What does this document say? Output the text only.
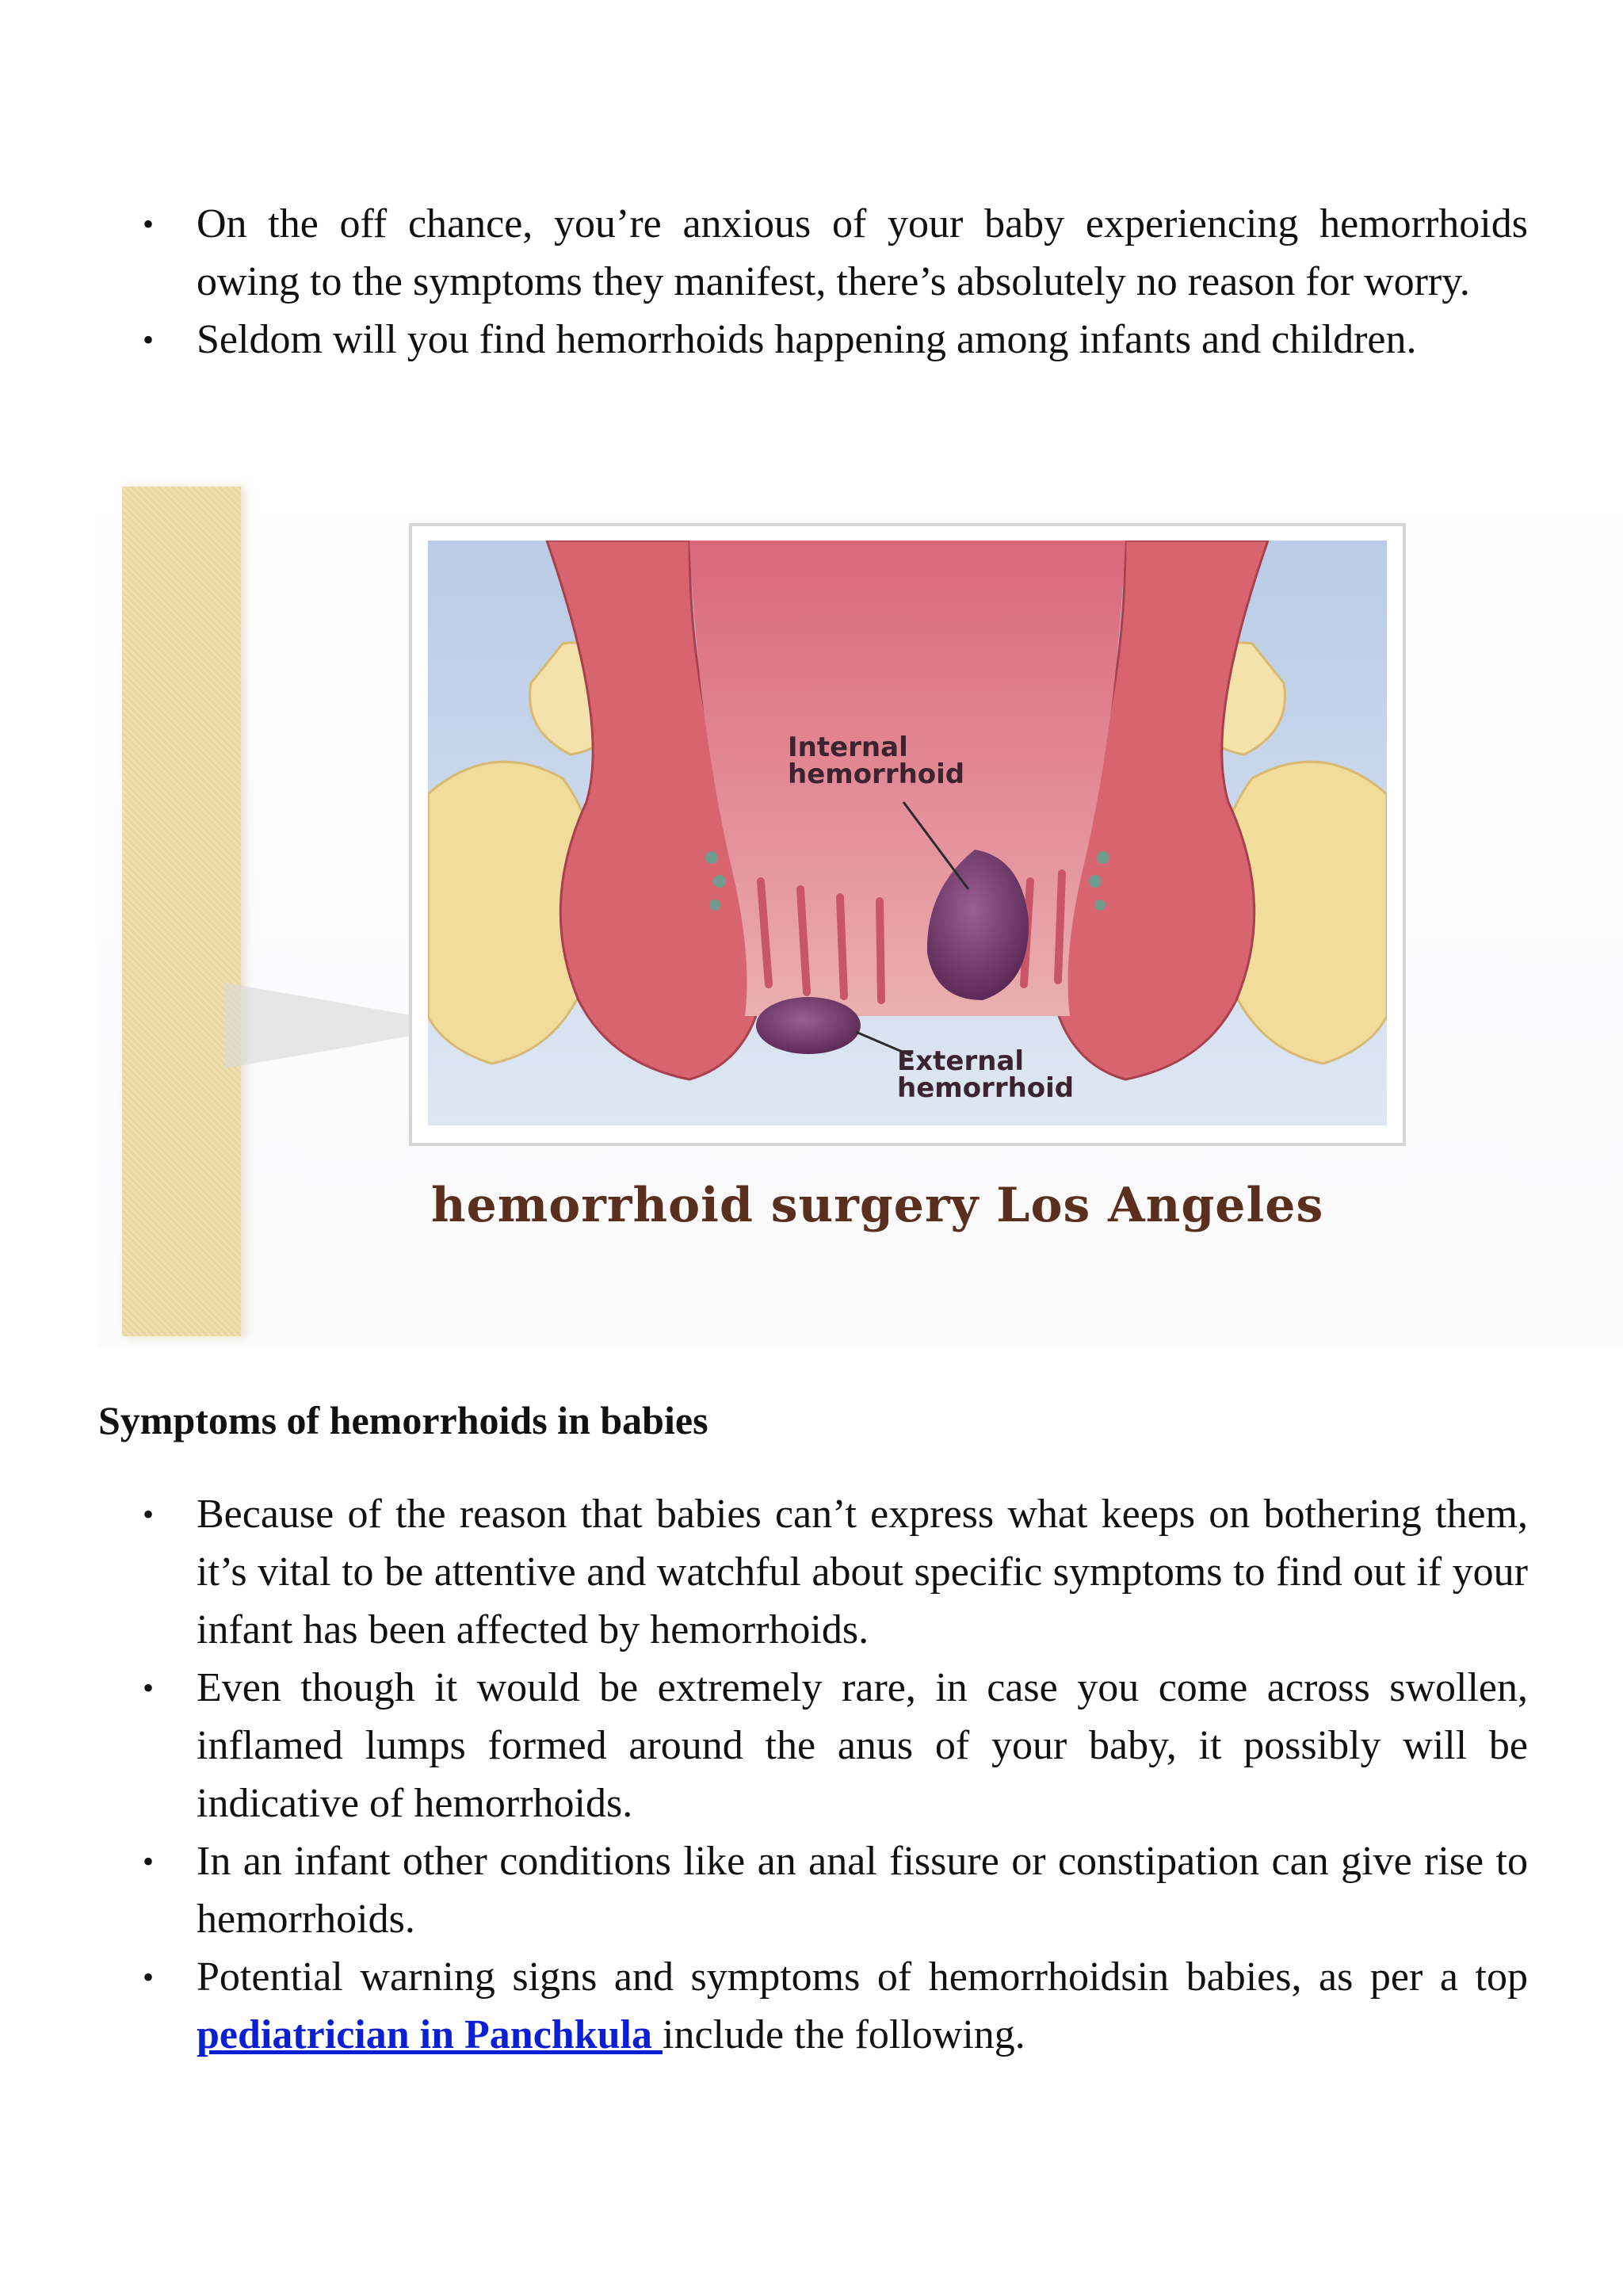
• On the off chance, you’re anxious of your baby experiencing hemorrhoids owing to the symptoms they manifest, there’s absolutely no reason for worry.
• Seldom will you find hemorrhoids happening among infants and children.
Internal
hemorrhoid
External
hemorrhoid
hemorrhoid surgery Los Angeles
Symptoms of hemorrhoids in babies
• Because of the reason that babies can’t express what keeps on bothering them, it’s vital to be attentive and watchful about specific symptoms to find out if your infant has been affected by hemorrhoids.
• Even though it would be extremely rare, in case you come across swollen, inflamed lumps formed around the anus of your baby, it possibly will be indicative of hemorrhoids.
• In an infant other conditions like an anal fissure or constipation can give rise to hemorrhoids.
• Potential warning signs and symptoms of hemorrhoidsin babies, as per a top pediatrician in Panchkula include the following.
